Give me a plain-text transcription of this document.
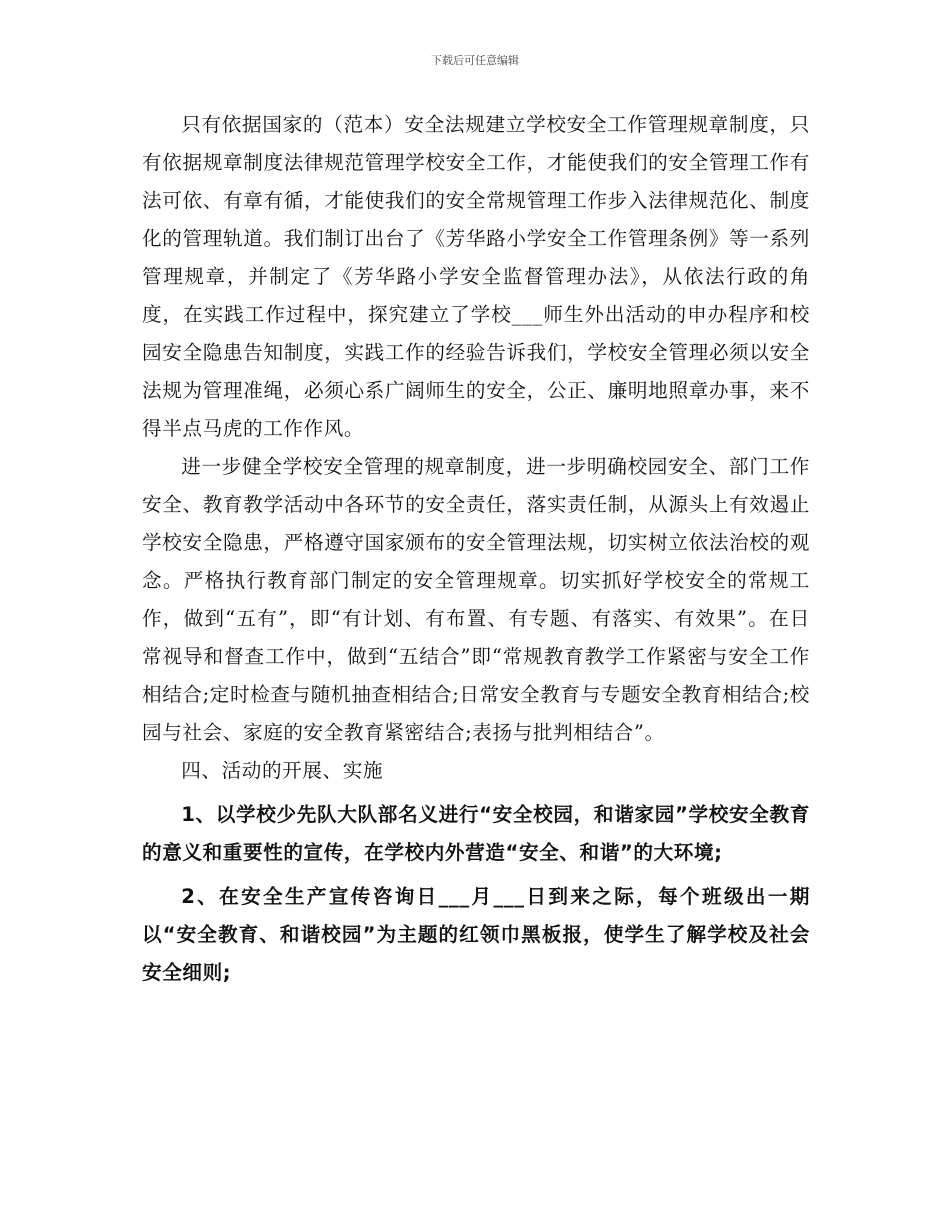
下载后可任意编辑

只有依据国家的（范本）安全法规建立学校安全工作管理规章制度，只有依据规章制度法律规范管理学校安全工作，才能使我们的安全管理工作有法可依、有章有循，才能使我们的安全常规管理工作步入法律规范化、制度化的管理轨道。我们制订出台了《芳华路小学安全工作管理条例》等一系列管理规章，并制定了《芳华路小学安全监督管理办法》，从依法行政的角度，在实践工作过程中，探究建立了学校___师生外出活动的申办程序和校园安全隐患告知制度，实践工作的经验告诉我们，学校安全管理必须以安全法规为管理准绳，必须心系广阔师生的安全，公正、廉明地照章办事，来不得半点马虎的工作作风。

进一步健全学校安全管理的规章制度，进一步明确校园安全、部门工作安全、教育教学活动中各环节的安全责任，落实责任制，从源头上有效遏止学校安全隐患，严格遵守国家颁布的安全管理法规，切实树立依法治校的观念。严格执行教育部门制定的安全管理规章。切实抓好学校安全的常规工作，做到“五有”，即“有计划、有布置、有专题、有落实、有效果”。在日常视导和督查工作中，做到“五结合”即“常规教育教学工作紧密与安全工作相结合;定时检查与随机抽查相结合;日常安全教育与专题安全教育相结合;校园与社会、家庭的安全教育紧密结合;表扬与批判相结合”。

四、活动的开展、实施

1、以学校少先队大队部名义进行“安全校园，和谐家园”学校安全教育的意义和重要性的宣传，在学校内外营造“安全、和谐”的大环境;

2、在安全生产宣传咨询日___月___日到来之际，每个班级出一期以“安全教育、和谐校园”为主题的红领巾黑板报，使学生了解学校及社会安全细则;
